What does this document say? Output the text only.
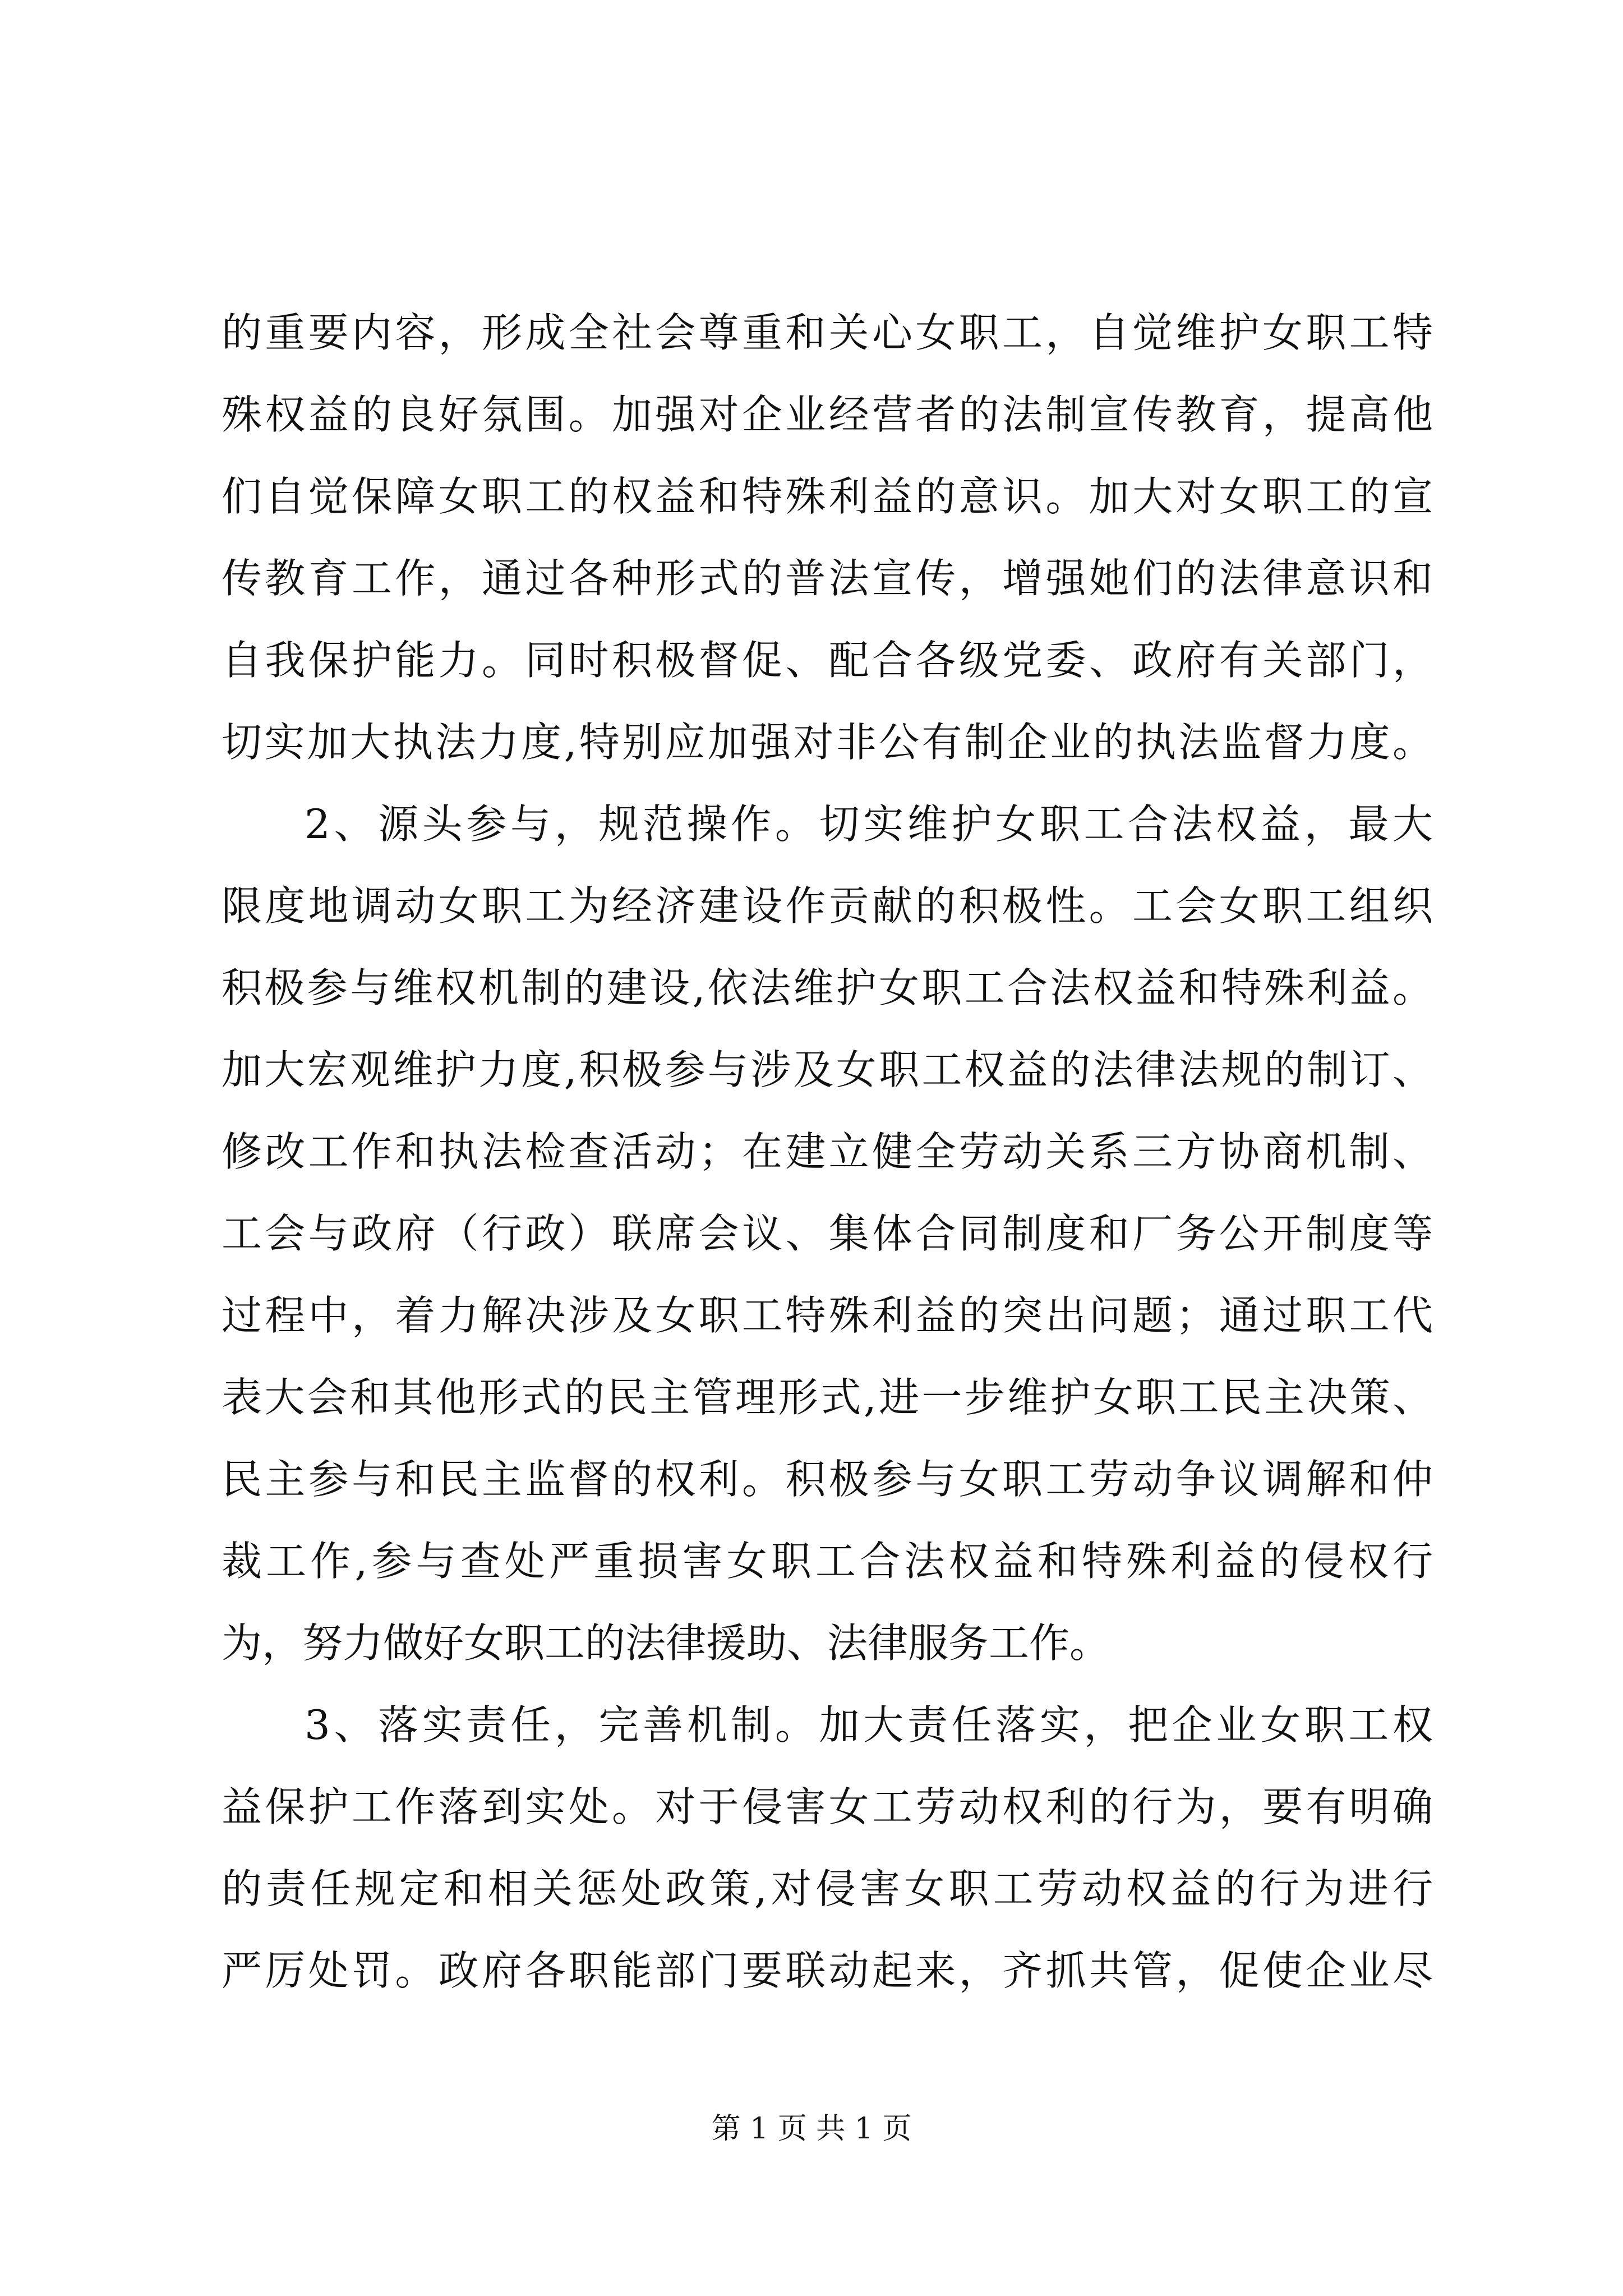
的重要内容，形成全社会尊重和关心女职工，自觉维护女职工特
殊权益的良好氛围。加强对企业经营者的法制宣传教育，提高他
们自觉保障女职工的权益和特殊利益的意识。加大对女职工的宣
传教育工作，通过各种形式的普法宣传，增强她们的法律意识和
自我保护能力。同时积极督促、配合各级党委、政府有关部门，
切实加大执法力度,特别应加强对非公有制企业的执法监督力度。
2、源头参与，规范操作。切实维护女职工合法权益，最大
限度地调动女职工为经济建设作贡献的积极性。工会女职工组织
积极参与维权机制的建设,依法维护女职工合法权益和特殊利益。
加大宏观维护力度,积极参与涉及女职工权益的法律法规的制订、
修改工作和执法检查活动；在建立健全劳动关系三方协商机制、
工会与政府（行政）联席会议、集体合同制度和厂务公开制度等
过程中，着力解决涉及女职工特殊利益的突出问题；通过职工代
表大会和其他形式的民主管理形式,进一步维护女职工民主决策、
民主参与和民主监督的权利。积极参与女职工劳动争议调解和仲
裁工作,参与查处严重损害女职工合法权益和特殊利益的侵权行
为，努力做好女职工的法律援助、法律服务工作。
3、落实责任，完善机制。加大责任落实，把企业女职工权
益保护工作落到实处。对于侵害女工劳动权利的行为，要有明确
的责任规定和相关惩处政策,对侵害女职工劳动权益的行为进行
严厉处罚。政府各职能部门要联动起来，齐抓共管，促使企业尽
第 1 页 共 1 页
